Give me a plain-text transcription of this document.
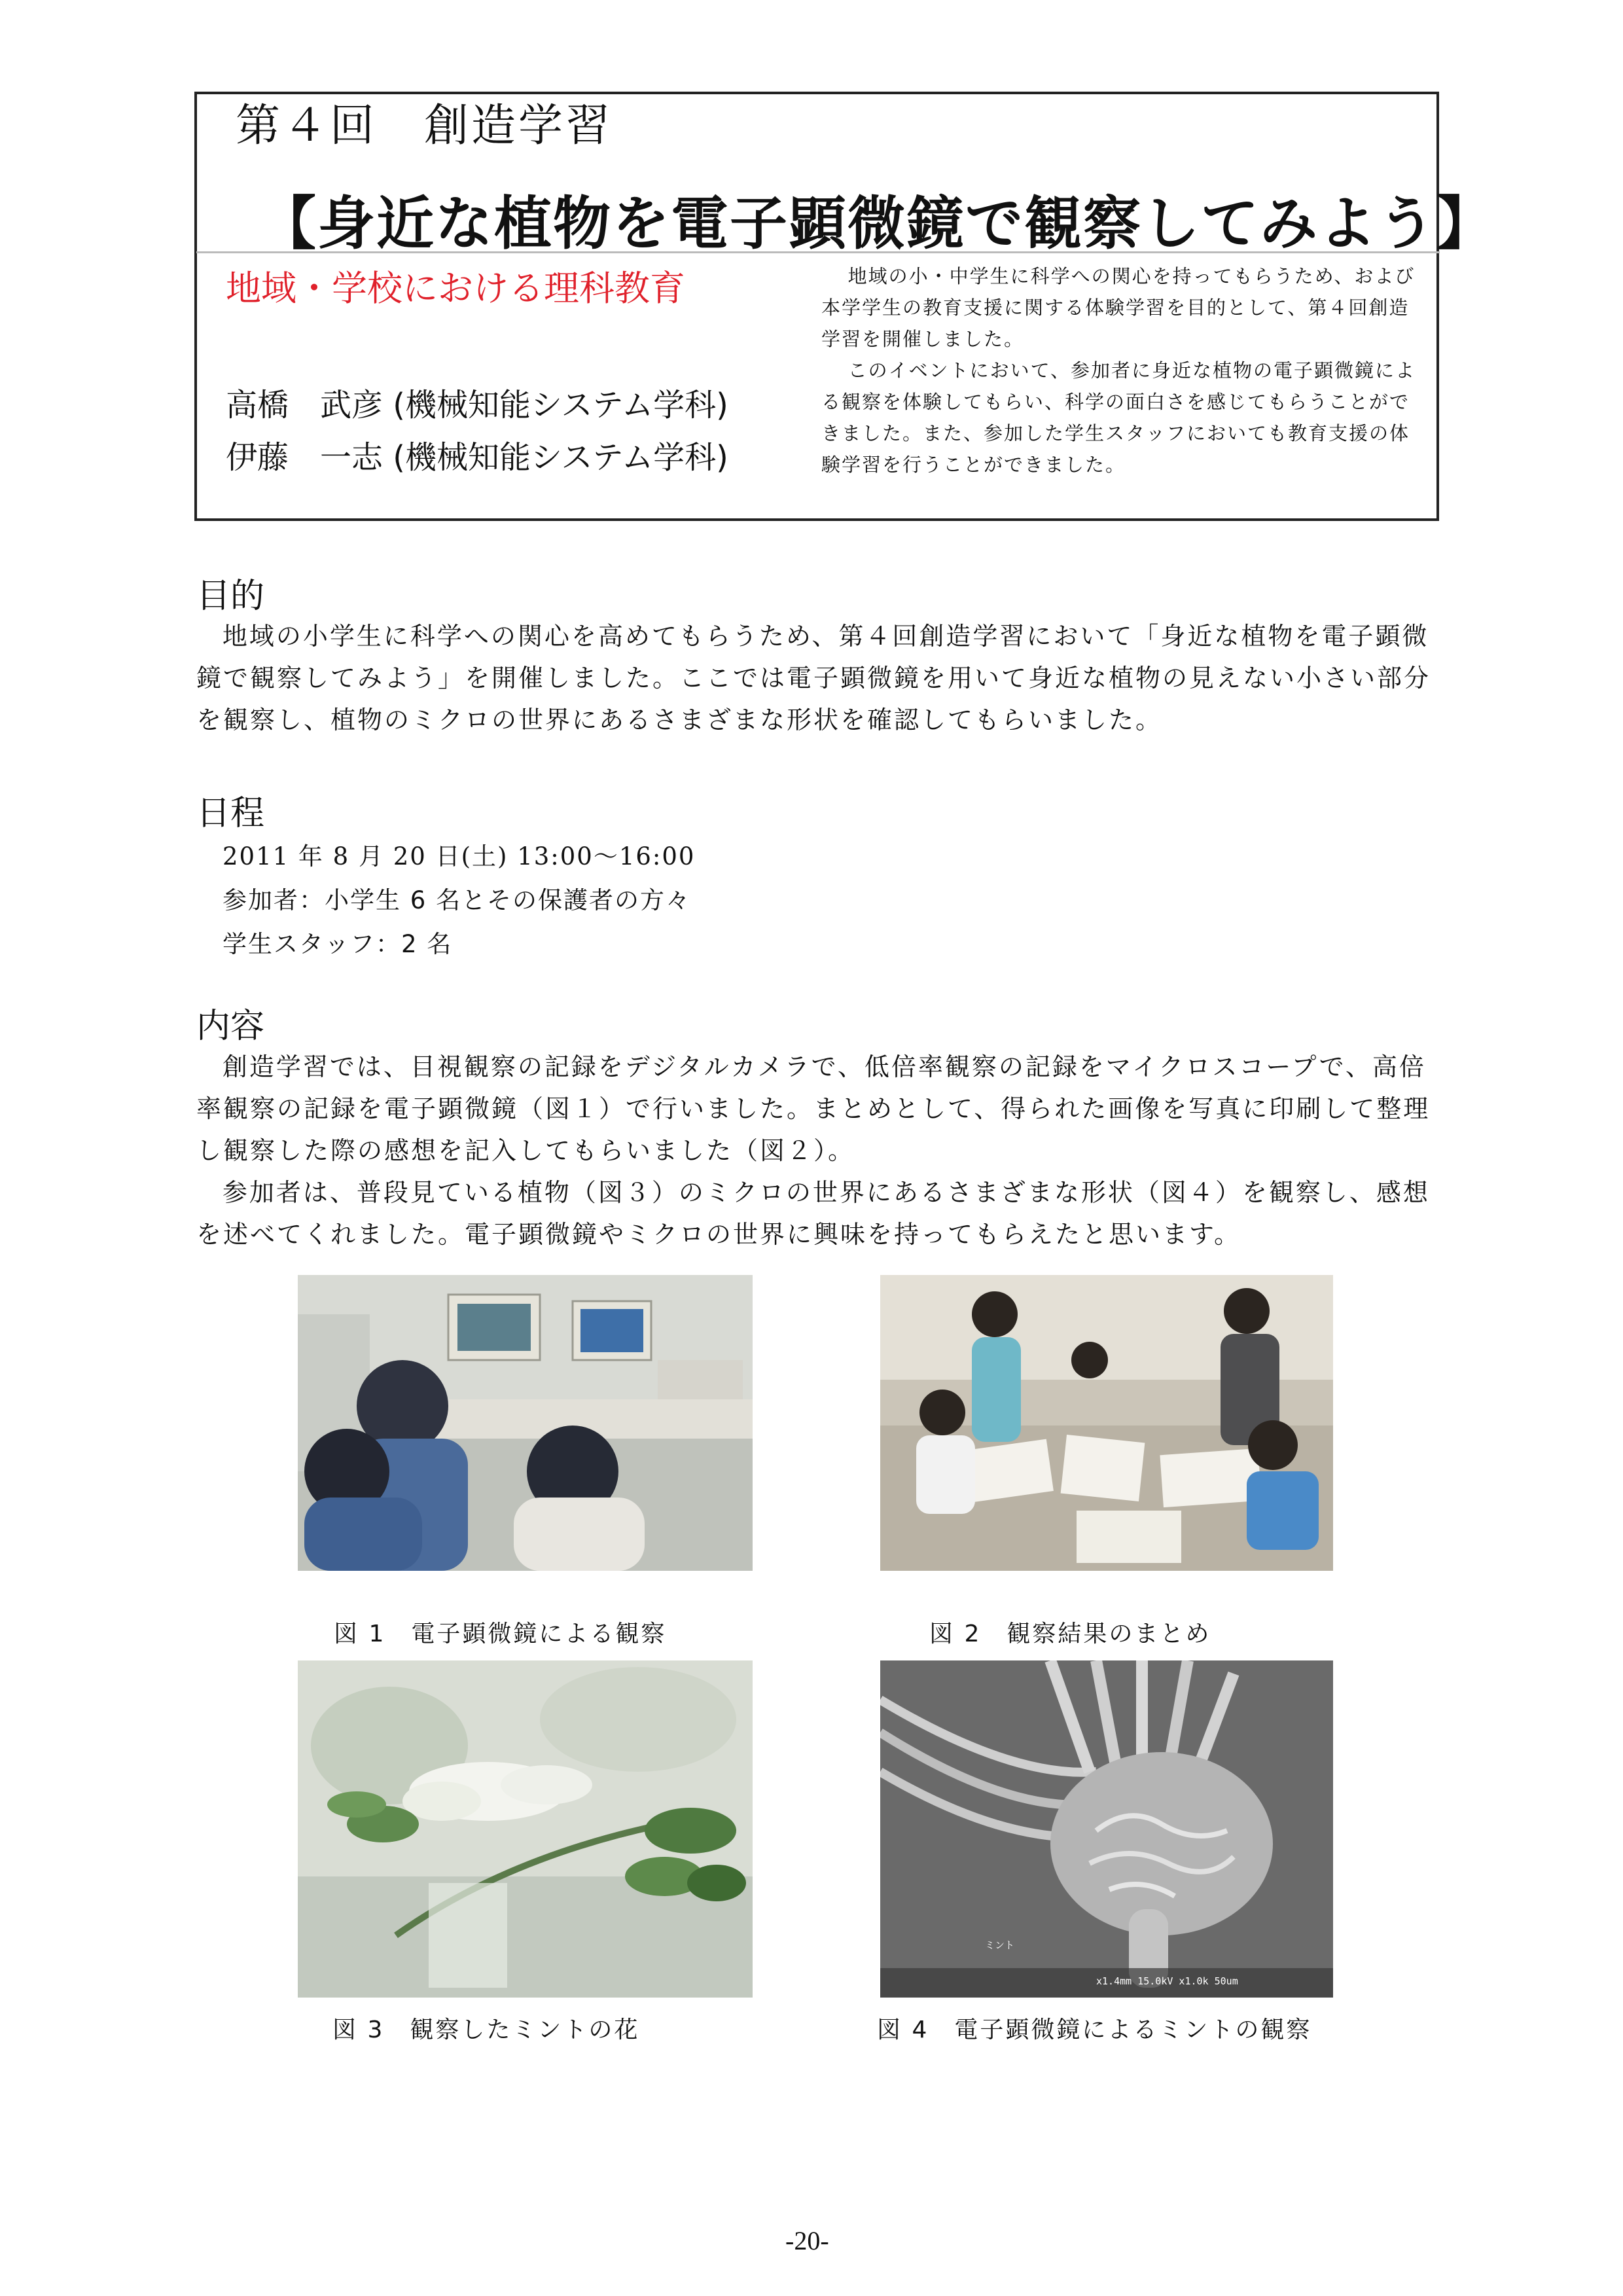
第４回　創造学習
【身近な植物を電子顕微鏡で観察してみよう】
地域・学校における理科教育
高橋　武彦 (機械知能システム学科)
伊藤　一志 (機械知能システム学科)

地域の小・中学生に科学への関心を持ってもらうため、および本学学生の教育支援に関する体験学習を目的として、第４回創造学習を開催しました。

このイベントにおいて、参加者に身近な植物の電子顕微鏡による観察を体験してもらい、科学の面白さを感じてもらうことができました。また、参加した学生スタッフにおいても教育支援の体験学習を行うことができました。

目的

地域の小学生に科学への関心を高めてもらうため、第４回創造学習において「身近な植物を電子顕微鏡で観察してみよう」を開催しました。ここでは電子顕微鏡を用いて身近な植物の見えない小さい部分を観察し、植物のミクロの世界にあるさまざまな形状を確認してもらいました。

日程
2011 年 8 月 20 日(土) 13:00～16:00
参加者：小学生 6 名とその保護者の方々
学生スタッフ：2 名
内容

創造学習では、目視観察の記録をデジタルカメラで、低倍率観察の記録をマイクロスコープで、高倍率観察の記録を電子顕微鏡（図１）で行いました。まとめとして、得られた画像を写真に印刷して整理し観察した際の感想を記入してもらいました（図２）。

参加者は、普段見ている植物（図３）のミクロの世界にあるさまざまな形状（図４）を観察し、感想を述べてくれました。電子顕微鏡やミクロの世界に興味を持ってもらえたと思います。

図 1　電子顕微鏡による観察	図 2　観察結果のまとめ
図 3　観察したミントの花
ミント
x1.4mm 15.0kV x1.0k 50um
図 4　電子顕微鏡によるミントの観察
-20-
